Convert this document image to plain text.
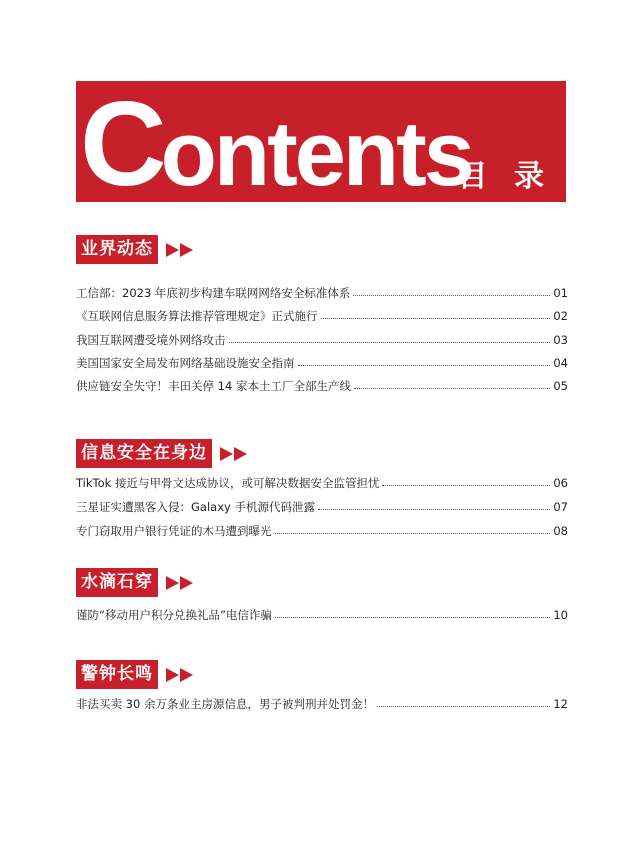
Contents
目 录
业界动态
工信部：2023 年底初步构建车联网网络安全标准体系	01
《互联网信息服务算法推荐管理规定》正式施行	02
我国互联网遭受境外网络攻击	03
美国国家安全局发布网络基础设施安全指南	04
供应链安全失守！丰田关停 14 家本土工厂全部生产线	05
信息安全在身边
TikTok 接近与甲骨文达成协议，或可解决数据安全监管担忧	06
三星证实遭黑客入侵：Galaxy 手机源代码泄露	07
专门窃取用户银行凭证的木马遭到曝光	08
水滴石穿
谨防“移动用户积分兑换礼品”电信诈骗	10
警钟长鸣
非法买卖 30 余万条业主房源信息，男子被判刑并处罚金！	12
